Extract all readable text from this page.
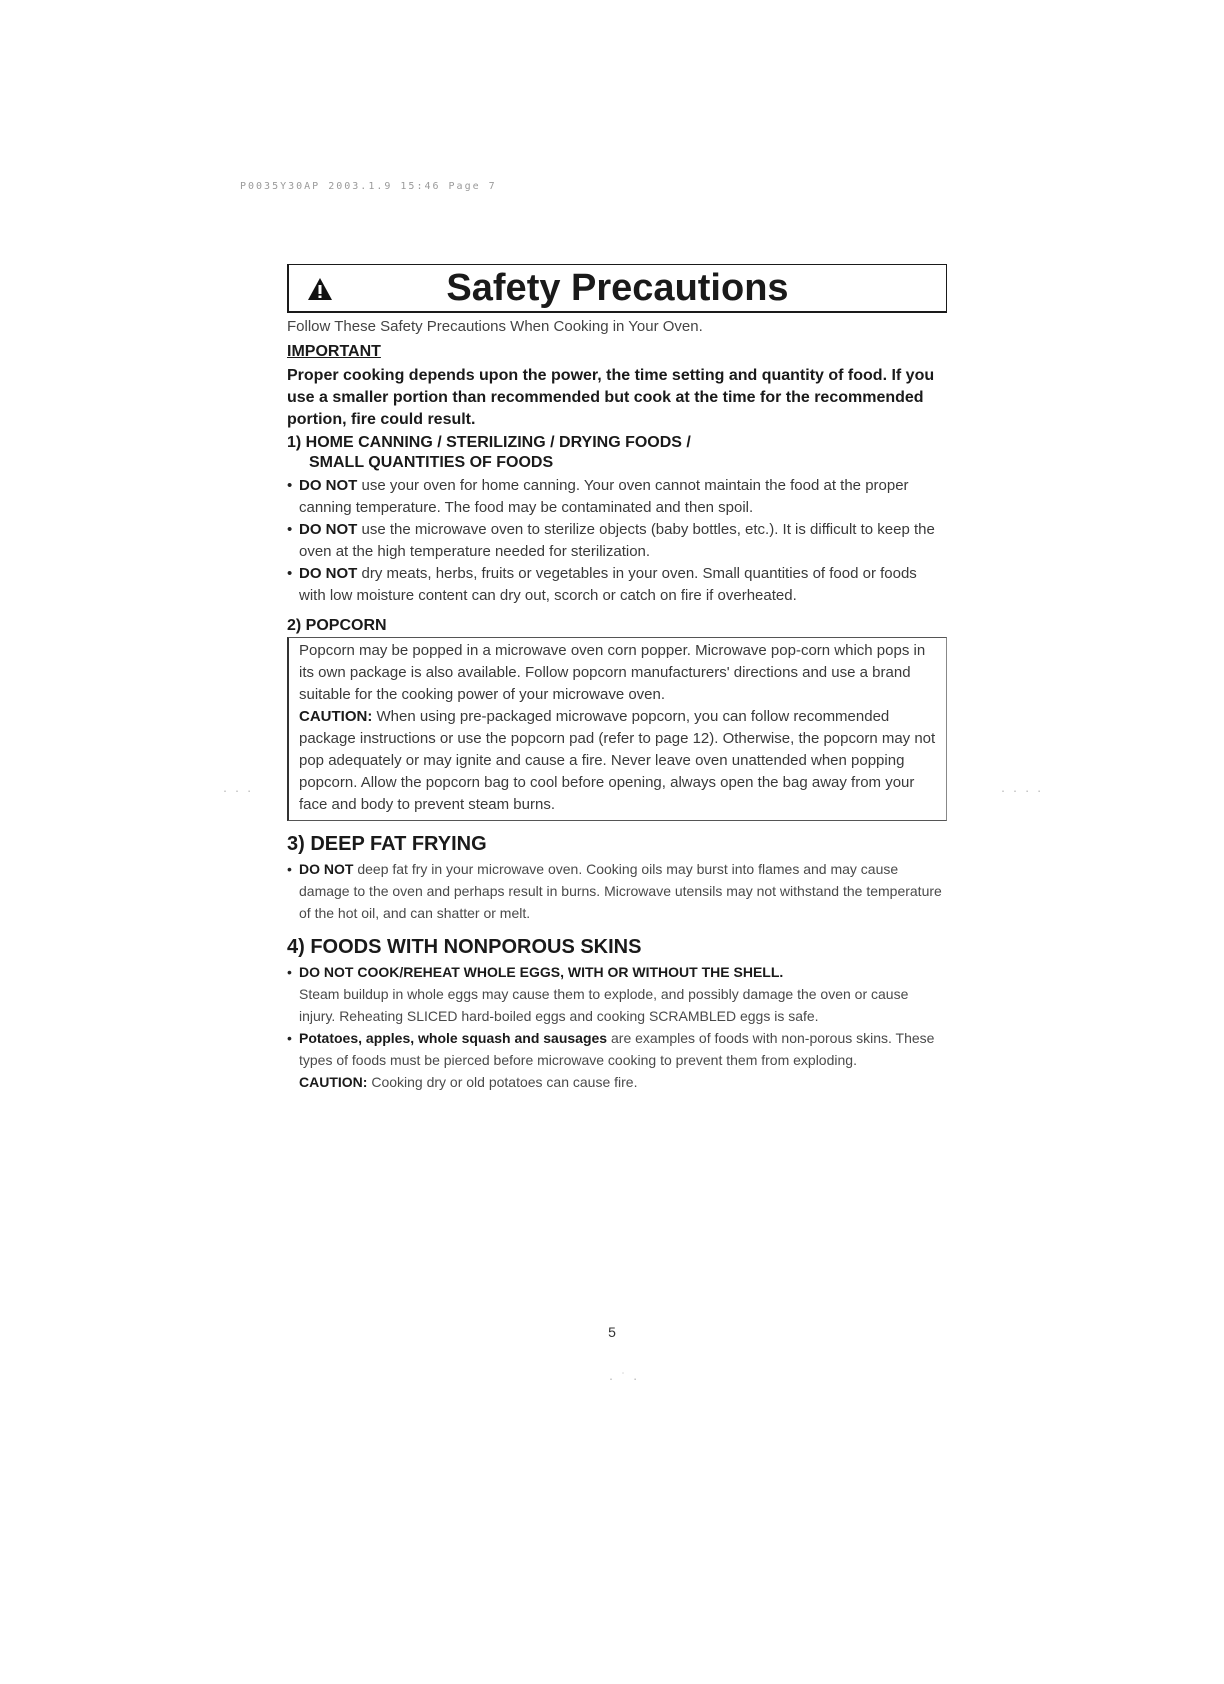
P0035Y30AP 2003.1.9 15:46 Page 7
Safety Precautions

Follow These Safety Precautions When Cooking in Your Oven.

IMPORTANT

Proper cooking depends upon the power, the time setting and quantity of food. If you use a smaller portion than recommended but cook at the time for the recommended portion, fire could result.

1) HOME CANNING / STERILIZING / DRYING FOODS /
SMALL QUANTITIES OF FOODS
• DO NOT use your oven for home canning. Your oven cannot maintain the food at the proper canning temperature. The food may be contaminated and then spoil.
• DO NOT use the microwave oven to sterilize objects (baby bottles, etc.). It is difficult to keep the oven at the high temperature needed for sterilization.
• DO NOT dry meats, herbs, fruits or vegetables in your oven. Small quantities of food or foods with low moisture content can dry out, scorch or catch on fire if overheated.
2) POPCORN

Popcorn may be popped in a microwave oven corn popper. Microwave pop-corn which pops in its own package is also available. Follow popcorn manufacturers' directions and use a brand suitable for the cooking power of your microwave oven.

CAUTION: When using pre-packaged microwave popcorn, you can follow recommended package instructions or use the popcorn pad (refer to page 12). Otherwise, the popcorn may not pop adequately or may ignite and cause a fire. Never leave oven unattended when popping popcorn. Allow the popcorn bag to cool before opening, always open the bag away from your face and body to prevent steam burns.

3) DEEP FAT FRYING
• DO NOT deep fat fry in your microwave oven. Cooking oils may burst into flames and may cause damage to the oven and perhaps result in burns. Microwave utensils may not withstand the temperature of the hot oil, and can shatter or melt.
4) FOODS WITH NONPOROUS SKINS
• DO NOT COOK/REHEAT WHOLE EGGS, WITH OR WITHOUT THE SHELL.
Steam buildup in whole eggs may cause them to explode, and possibly damage the oven or cause injury. Reheating SLICED hard-boiled eggs and cooking SCRAMBLED eggs is safe.
• Potatoes, apples, whole squash and sausages are examples of foods with non-porous skins. These types of foods must be pierced before microwave cooking to prevent them from exploding.

CAUTION: Cooking dry or old potatoes can cause fire.

5
. . .	. . . .
. ˙ .
